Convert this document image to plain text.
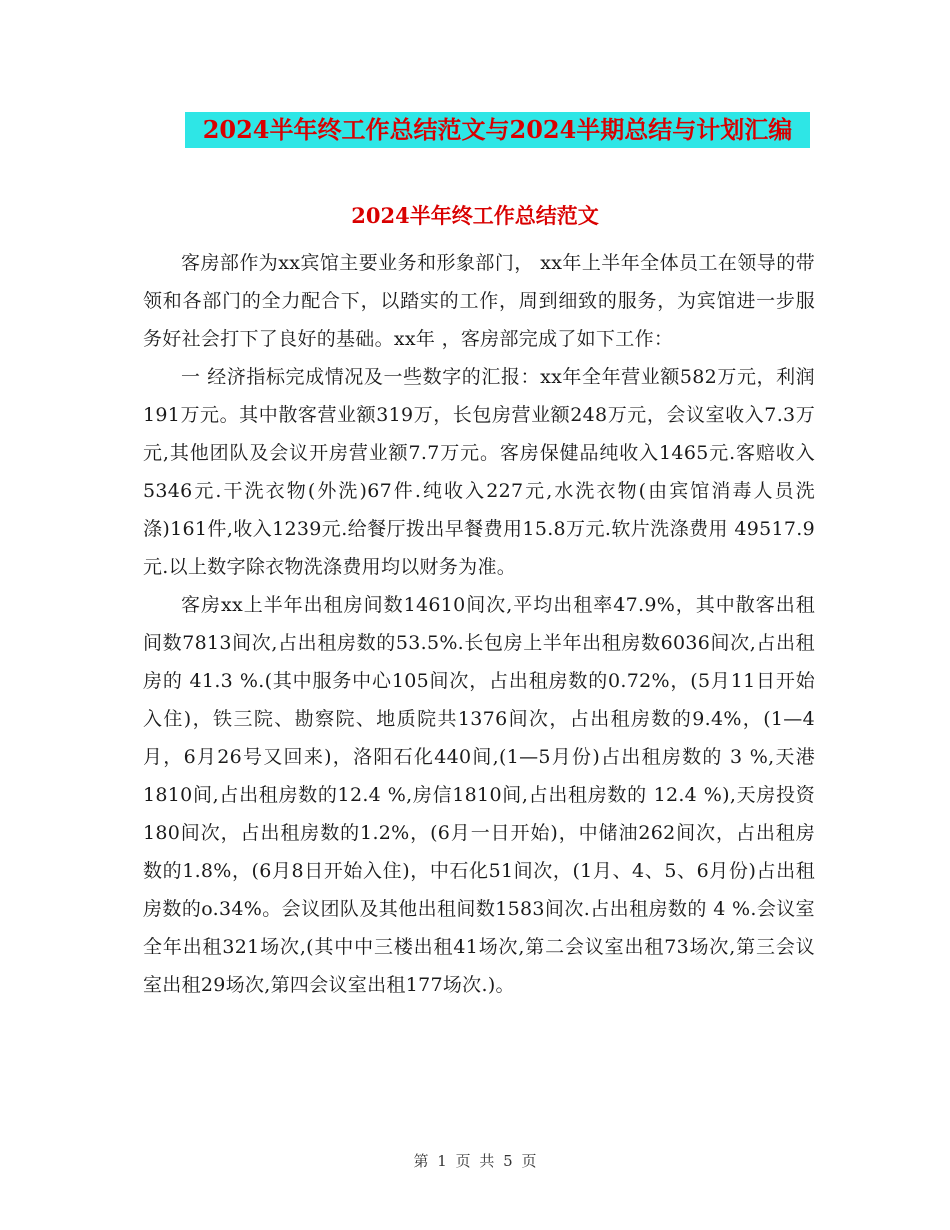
2024半年终工作总结范文与2024半期总结与计划汇编
2024半年终工作总结范文

客房部作为xx宾馆主要业务和形象部门， xx年上半年全体员工在领导的带领和各部门的全力配合下，以踏实的工作，周到细致的服务，为宾馆进一步服务好社会打下了良好的基础。xx年 ，客房部完成了如下工作：

一 经济指标完成情况及一些数字的汇报：xx年全年营业额582万元，利润191万元。其中散客营业额319万，长包房营业额248万元，会议室收入7.3万元,其他团队及会议开房营业额7.7万元。客房保健品纯收入1465元.客赔收入5346元.干洗衣物(外洗)67件.纯收入227元,水洗衣物(由宾馆消毒人员洗涤)161件,收入1239元.给餐厅拨出早餐费用15.8万元.软片洗涤费用 49517.9 元.以上数字除衣物洗涤费用均以财务为准。

客房xx上半年出租房间数14610间次,平均出租率47.9%，其中散客出租间数7813间次,占出租房数的53.5%.长包房上半年出租房数6036间次,占出租房的 41.3 %.(其中服务中心105间次，占出租房数的0.72%，(5月11日开始入住)，铁三院、勘察院、地质院共1376间次，占出租房数的9.4%，(1—4月，6月26号又回来)，洛阳石化440间,(1—5月份)占出租房数的 3 %,天港1810间,占出租房数的12.4 %,房信1810间,占出租房数的 12.4 %),天房投资180间次，占出租房数的1.2%，(6月一日开始)，中储油262间次，占出租房数的1.8%，(6月8日开始入住)，中石化51间次，(1月、4、5、6月份)占出租房数的o.34%。会议团队及其他出租间数1583间次.占出租房数的 4 %.会议室全年出租321场次,(其中中三楼出租41场次,第二会议室出租73场次,第三会议室出租29场次,第四会议室出租177场次.)。

第 1 页 共 5 页
